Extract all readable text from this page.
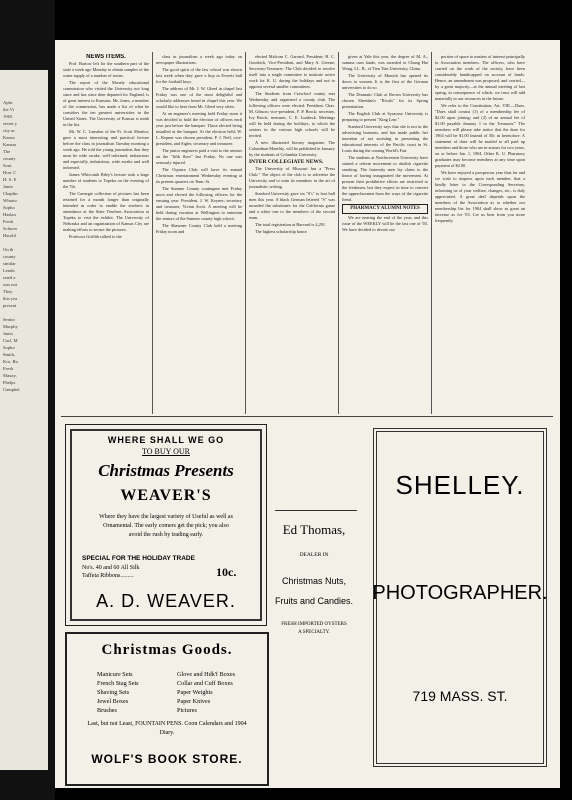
Aphr
the Vi
1965.
seven y
city ur
Kansa
Kansas
The
county
Sour
Hon. C
H. S. E
Junio
Chaplin
Wharto
Sopho
Haslan
Fresh
Schoon
Harold
On th
county
similar
Lenda
rated a
was not
They
this yea
present
Senior
Murphy
Junio
Curl, M
Sopho
Smith,
Kro, Ru
Fresh
Mauzy,
Phelps
Campbel

NEWS ITEMS.

Prof. Bartow left for the southern part of the state a week ago Monday to obtain samples of the water supply of a number of towns.

The report of the Mosely educational commission who visited the University not long since and has since then departed for England, is of great interest to Kansans. Mr. Jones, a member of the commission, has made a list of what he considers the ten greatest universities in the United States. The University of Kansas is ninth in the list.

Mr. W. C. Lansdon of the Ft. Scott Monitor, gave a most interesting and practical lecture before the class in journalism Tuesday morning a week ago. He told the young journalists that they must be wide awake, well informed, industrious and especially, industrious, wide awake and well informed.

James Whitcomb Riley's lecture took a large number of students to Topeka on the evening of the 7th.

The Carnegie collection of pictures has been retained for a month longer than originally intended in order to enable the teachers in attendance at the State Teachers Association at Topeka to visit the exhibit. The University of Nebraska and an organization of Kansas City are making efforts to secure the pictures.

Professor Griffith talked to the

class in journalism a week ago today on newspaper illustrations.

The good spirit of the law school was shown last week when they gave a hop in Everett hall for the football boys.

The address of Mr. J. W. Gleed in chapel last Friday was one of the most delightful and scholarly addresses heard in chapel this year. We would like to hear from Mr. Gleed very often.

At an engineer's meeting held Friday noon it was decided to hold the election of officers each year just before the banquet. Those elected being installed at the banquet. At the election held, W. L. Kepner was chosen president, P. J. Neff, vice-president, and Sigler, secretary and treasurer.

The junior engineers paid a visit to the seniors on the "fifth floor" last Friday. No one was seriously injured.

The Oquirra Club will have its annual Christmas entertainment Wednesday evening at its present quarters on Tenn. St.

The Sumner County contingent met Friday noon and elected the following officers for the ensuing year. President, J. W. Keyner; secretary and treasurer, Vivian Scott. A meeting will be held during vacation at Wellington to entertain the seniors of the Sumner county high school.

The Shawnee County Club held a meeting Friday noon and

elected Malcom C. Garrard, President; H. C. Goodrich, Vice-President, and Mary A. Greene, Secretary-Treasurer. The Club decided to resolve itself into a single committee to institute active work for K. U. during the holidays and not to appoint several smaller committees.

The Students from Crawford county met Wednesday and organized a county club. The following officers were elected: President, Chas. M. Gibson; vice-president, F. P. Brock; secretary, Ivy Brock; treasurer, C. E. Lunbeck. Meetings will be held during the holidays, to which the seniors in the various high schools will be invited.

A new illustrated literary magazine, The Columbian Monthly, will be published in January by the students of Columbia University.

INTER COLLEGIATE NEWS.

The University of Missouri has a "Press Club." The object of the club is to advertise the University and to train its members in the art of journalistic writing.

Stanford University gave six "S's" to foot ball men this year. A black German lettered "S" was awarded the substitutes for the California game and a white one to the members of the second team.

The total registration at Harvard is 4,291.

The highest scholarship honor

given at Yale this year, the degree of M. A., summa cum laude, was awarded to Chung Hai Wong, LL. B., of Tien Tsin University, China.

The University of Munich has opened its doors to women. It is the first of the German universities to do so.

The Dramatic Club at Brown University has chosen Sheridan's "Rivals" for its Spring presentation.

The English Club at Syracuse University is preparing to present "King Lear."

Stanford University says that she is not in the advertising business, and has made public her intention of not assisting in presenting the educational interests of the Pacific coast in St. Louis during the coming World's Fair.

The students at Northwestern University have started a reform movement to abolish cigarette smoking. The fraternity men lay claim to the honor of having inaugurated the movement. At present their prohibitive efforts are restricted to the freshmen, but they expect in time to convert the upperclassmen from the ways of the cigarette fiend.

PHARMACY ALUMNI NOTES

We are nearing the end of the year, and this issue of the WEEKLY will be the last one of '03. We have decided to devote our

portion of space to matters of interest principally to Association members. The officers, who have carried on the work of the society, have been considerably handicapped on account of funds. Hence, an amendment was proposed, and carried—by a great majority—at the annual meeting of last spring, in consequence of which, we trust will add materially to our resources in the future.

We refer to the Constitution, Art. VIII.—Dues. "Dues shall consist (1) of a membership fee of $2.00 upon joining; and (2) of an annual fee of $1.00 payable January 1 to the Treasurer." The members will please take notice that the dues for 1904 will be $1.00 instead of 50c as heretofore. A statement of dues will be mailed to all paid up members and those who are in arrears for two years, on or before Jan. 1, 1904. Other K. U. Pharmacy graduates may become members at any time upon payment of $2.00.

We have enjoyed a prosperous year thus far and we wish to impress upon each member, that a kindly letter to the Corresponding Secretary, informing us of your welfare, changes, etc., is duly appreciated. A great deal depends upon the members of the Association as to whether our membership list for 1904 shall show as great an increase as for '03. Let us hear from you more frequently.

WHERE SHALL WE GO
TO BUY OUR
Christmas Presents
WEAVER'S
Where they have the largest variety of Useful as well as Ornamental. The early comers get the pick; you also avoid the rush by trading early.
SPECIAL FOR THE HOLIDAY TRADE
No's. 40 and 60 All Silk
Taffeta Ribbons.........	10c.
A. D. WEAVER.
Christmas Goods.
Manicure Sets
French Stag Sets
Shaving Sets
Jewel Boxes
Brushes
Glove and Hdk'f Boxes
Collar and Cuff Boxes
Paper Weights
Paper Knives
Pictures
Last, but not Least, FOUNTAIN PENS. Coon Calendars and 1904 Diary.
WOLF'S BOOK STORE.
Ed Thomas,
DEALER IN
Christmas Nuts,
Fruits and Candies.
FRESH IMPORTED OYSTERS
A SPECIALTY.
SHELLEY.
PHOTOGRAPHER.
719 MASS. ST.
